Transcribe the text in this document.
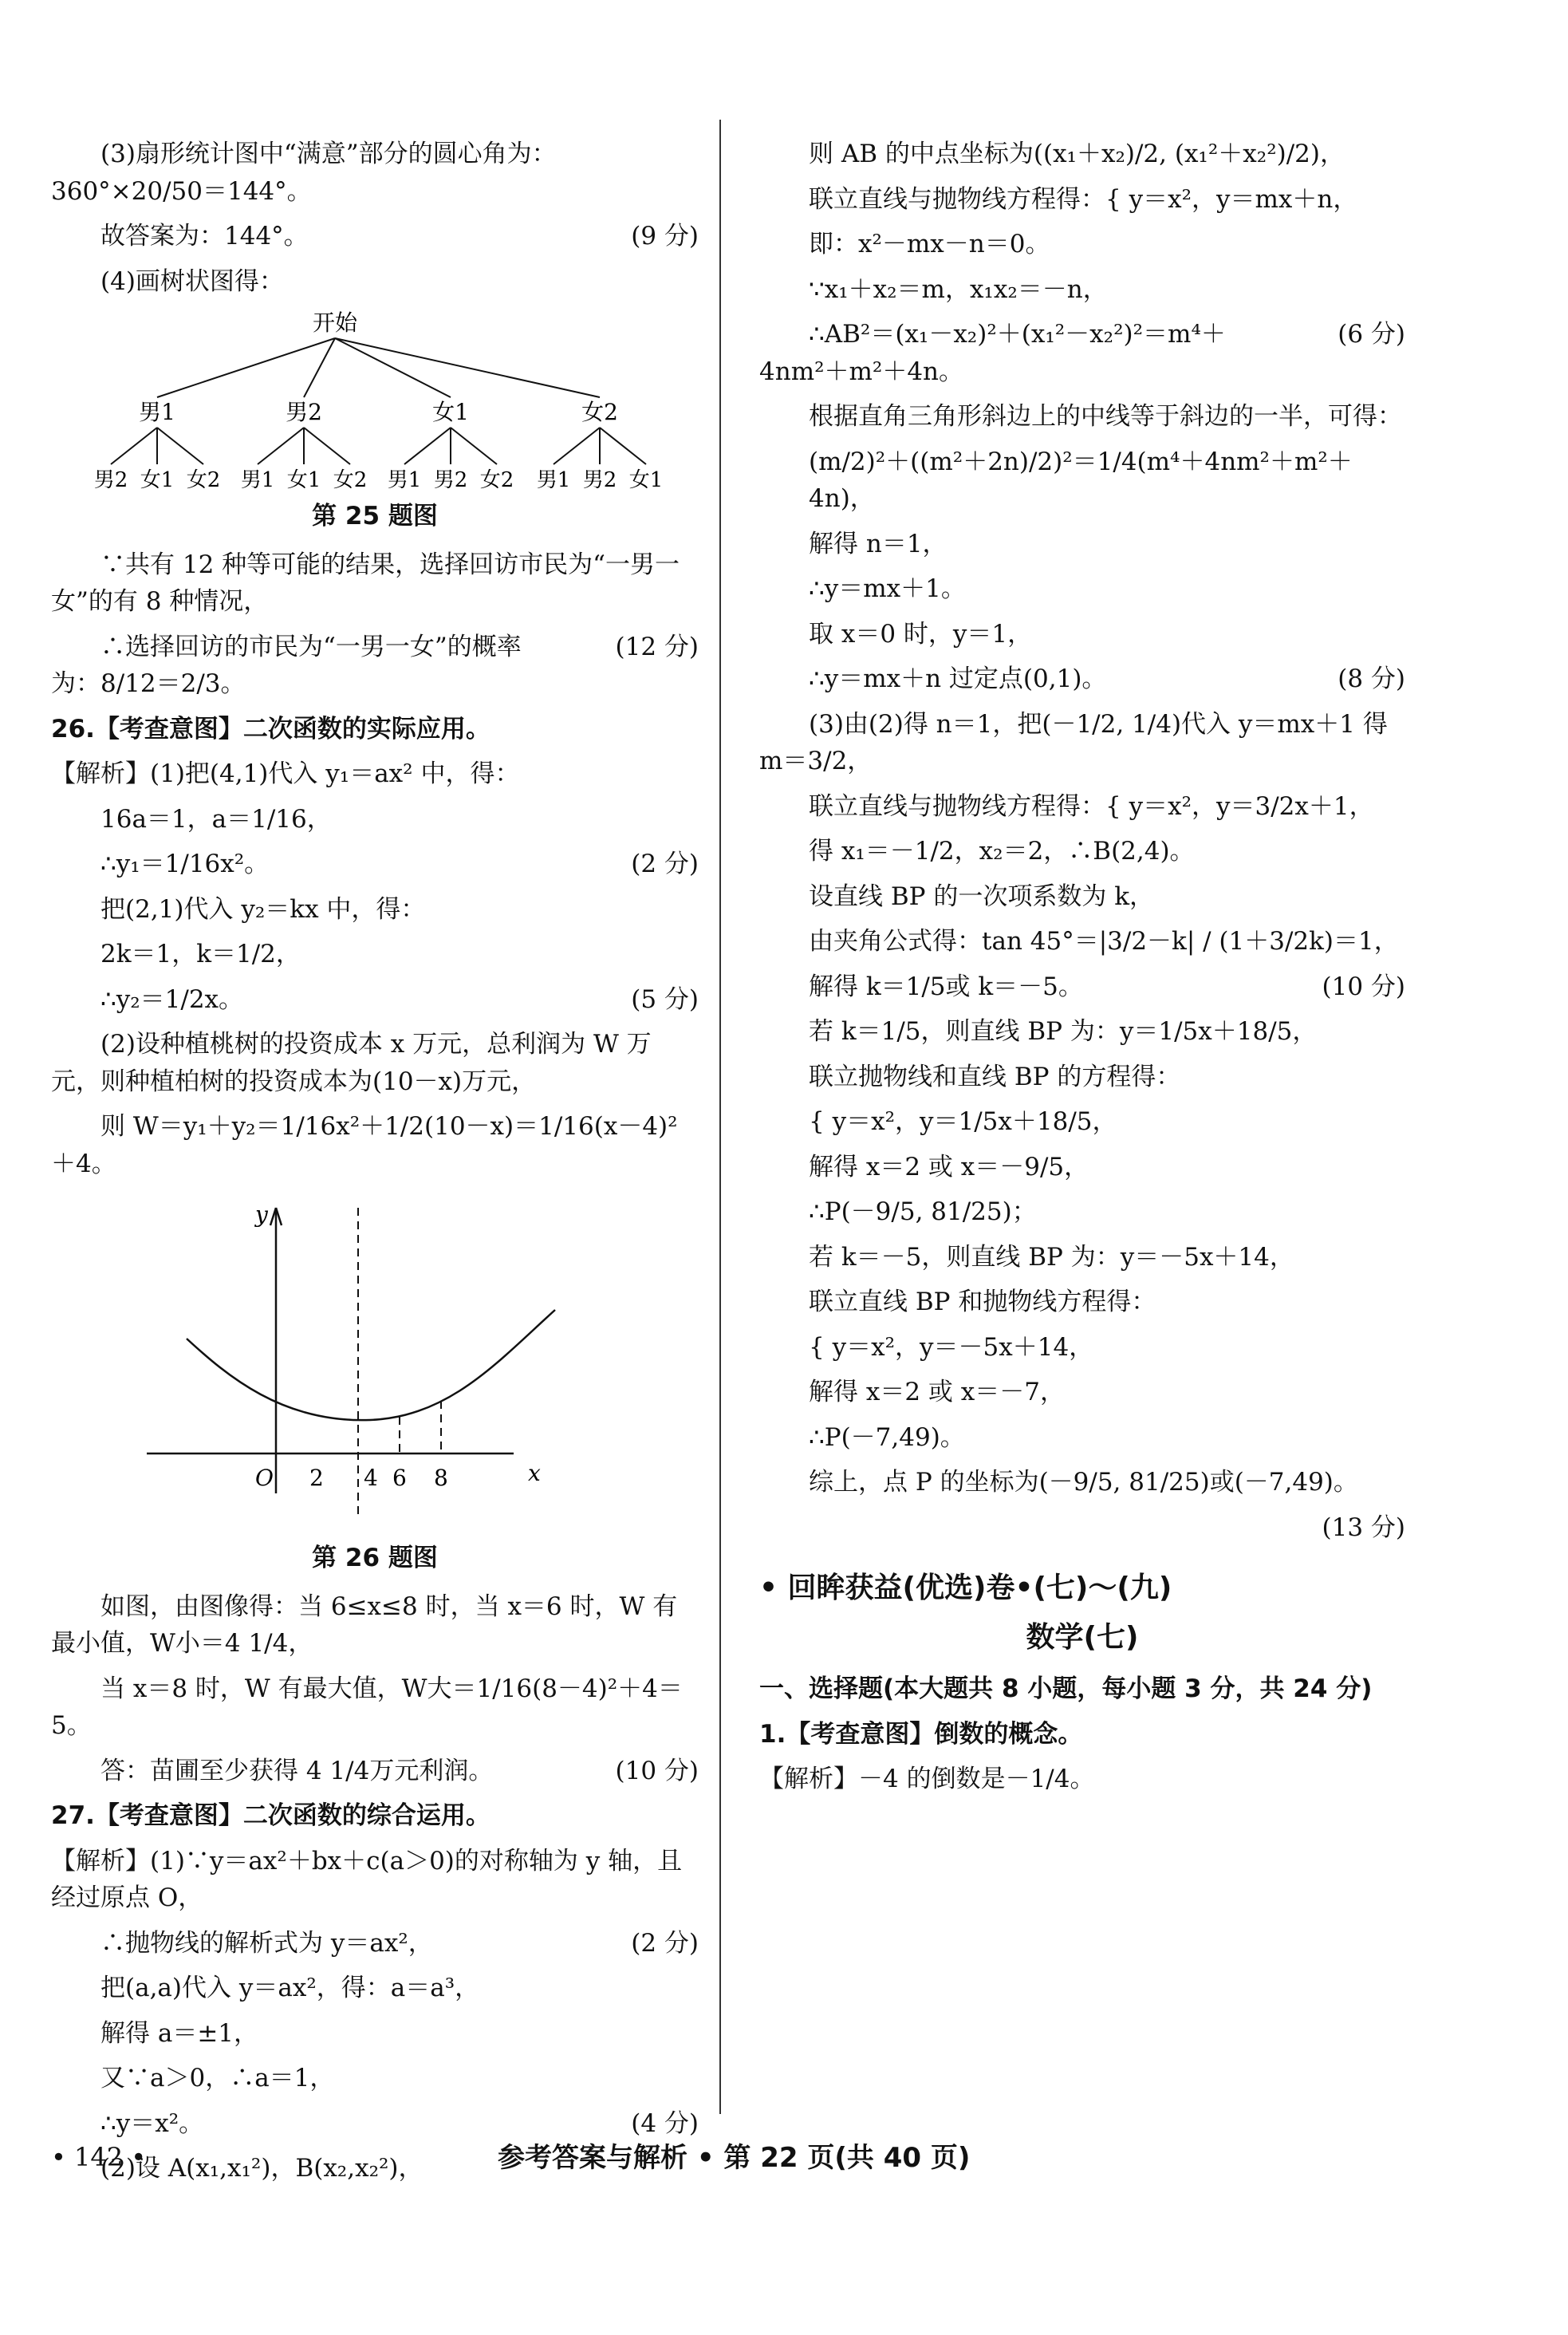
(3)扇形统计图中“满意”部分的圆心角为：360°×20/50＝144°。
故答案为：144°。	(9 分)
(4)画树状图得：
开始
男1	男2	女1	女2
男2 女1 女2 男1 女1 女2 男1 男2 女2 男1 男2 女1
第 25 题图
∵共有 12 种等可能的结果，选择回访市民为“一男一女”的有 8 种情况，
∴选择回访的市民为“一男一女”的概率为：8/12＝2/3。
(12 分)
26.【考查意图】二次函数的实际应用。
【解析】(1)把(4,1)代入 y₁＝ax² 中，得：
16a＝1，a＝1/16，
∴y₁＝1/16x²。	(2 分)
把(2,1)代入 y₂＝kx 中，得：
2k＝1，k＝1/2，
∴y₂＝1/2x。	(5 分)
(2)设种植桃树的投资成本 x 万元，总利润为 W 万元，则种植柏树的投资成本为(10－x)万元，
则 W＝y₁＋y₂＝1/16x²＋1/2(10－x)＝1/16(x－4)²＋4。
y
x
O 2 4 6 8
第 26 题图
如图，由图像得：当 6≤x≤8 时，当 x＝6 时，W 有最小值，W小＝4 1/4，
当 x＝8 时，W 有最大值，W大＝1/16(8－4)²＋4＝5。
答：苗圃至少获得 4 1/4万元利润。	(10 分)
27.【考查意图】二次函数的综合运用。
【解析】(1)∵y＝ax²＋bx＋c(a＞0)的对称轴为 y 轴，且经过原点 O，
∴抛物线的解析式为 y＝ax²，	(2 分)
把(a,a)代入 y＝ax²，得：a＝a³，
解得 a＝±1，
又∵a＞0，∴a＝1，
∴y＝x²。	(4 分)
(2)设 A(x₁,x₁²)，B(x₂,x₂²)，
则 AB 的中点坐标为((x₁＋x₂)/2, (x₁²＋x₂²)/2)，
联立直线与抛物线方程得：{ y＝x²，y＝mx＋n，
即：x²－mx－n＝0。
∵x₁＋x₂＝m，x₁x₂＝－n，
∴AB²＝(x₁－x₂)²＋(x₁²－x₂²)²＝m⁴＋4nm²＋m²＋4n。
(6 分)
根据直角三角形斜边上的中线等于斜边的一半，可得：
(m/2)²＋((m²＋2n)/2)²＝1/4(m⁴＋4nm²＋m²＋4n)，
解得 n＝1，
∴y＝mx＋1。
取 x＝0 时，y＝1，
∴y＝mx＋n 过定点(0,1)。	(8 分)
(3)由(2)得 n＝1，把(－1/2, 1/4)代入 y＝mx＋1 得 m＝3/2，
联立直线与抛物线方程得：{ y＝x²，y＝3/2x＋1，
得 x₁＝－1/2，x₂＝2，∴B(2,4)。
设直线 BP 的一次项系数为 k，
由夹角公式得：tan 45°＝|3/2－k| / (1＋3/2k)＝1，
解得 k＝1/5或 k＝－5。	(10 分)
若 k＝1/5，则直线 BP 为：y＝1/5x＋18/5，
联立抛物线和直线 BP 的方程得：
{ y＝x²，y＝1/5x＋18/5，
解得 x＝2 或 x＝－9/5，
∴P(－9/5, 81/25)；
若 k＝－5，则直线 BP 为：y＝－5x＋14，
联立直线 BP 和抛物线方程得：
{ y＝x²，y＝－5x＋14，
解得 x＝2 或 x＝－7，
∴P(－7,49)。
综上，点 P 的坐标为(－9/5, 81/25)或(－7,49)。
(13 分)
• 回眸获益(优选)卷•(七)～(九)
数学(七)
一、选择题(本大题共 8 小题，每小题 3 分，共 24 分)
1.【考查意图】倒数的概念。
【解析】－4 的倒数是－1/4。
• 142 •	参考答案与解析 • 第 22 页(共 40 页)
